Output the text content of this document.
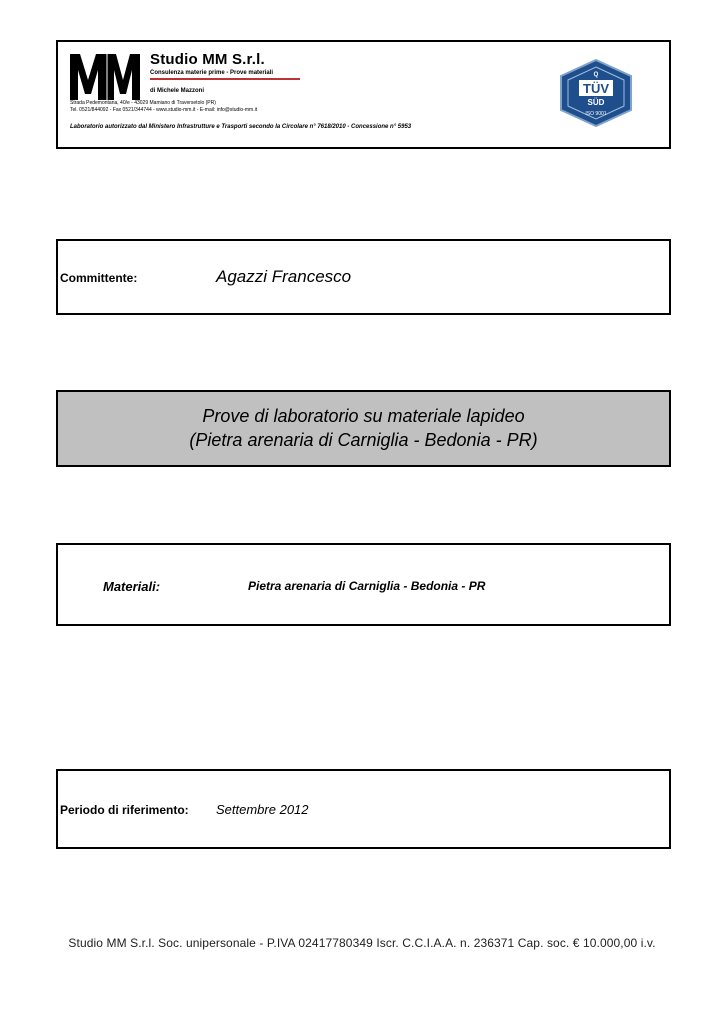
Studio MM S.r.l.
Consulenza materie prime - Prove materiali
di Michele Mazzoni
Strada Pedemontana, 40/e - 43029 Mamiano di Traversetolo (PR)
Tel. 0521/844092 - Fax 0521/344744 - www.studio-mm.it - E-mail: info@studio-mm.it
Laboratorio autorizzato dal Ministero Infrastrutture e Trasporti secondo la Circolare n° 7618/2010 - Concessione n° 5953
Q
TÜV
SÜD
ISO 9001
Committente:	Agazzi Francesco
Prove di laboratorio su materiale lapideo
(Pietra arenaria di Carniglia - Bedonia - PR)
Materiali:	Pietra arenaria di Carniglia - Bedonia - PR
Periodo di riferimento: Settembre 2012
Studio MM S.r.l. Soc. unipersonale - P.IVA 02417780349 Iscr. C.C.I.A.A. n. 236371 Cap. soc. € 10.000,00 i.v.
